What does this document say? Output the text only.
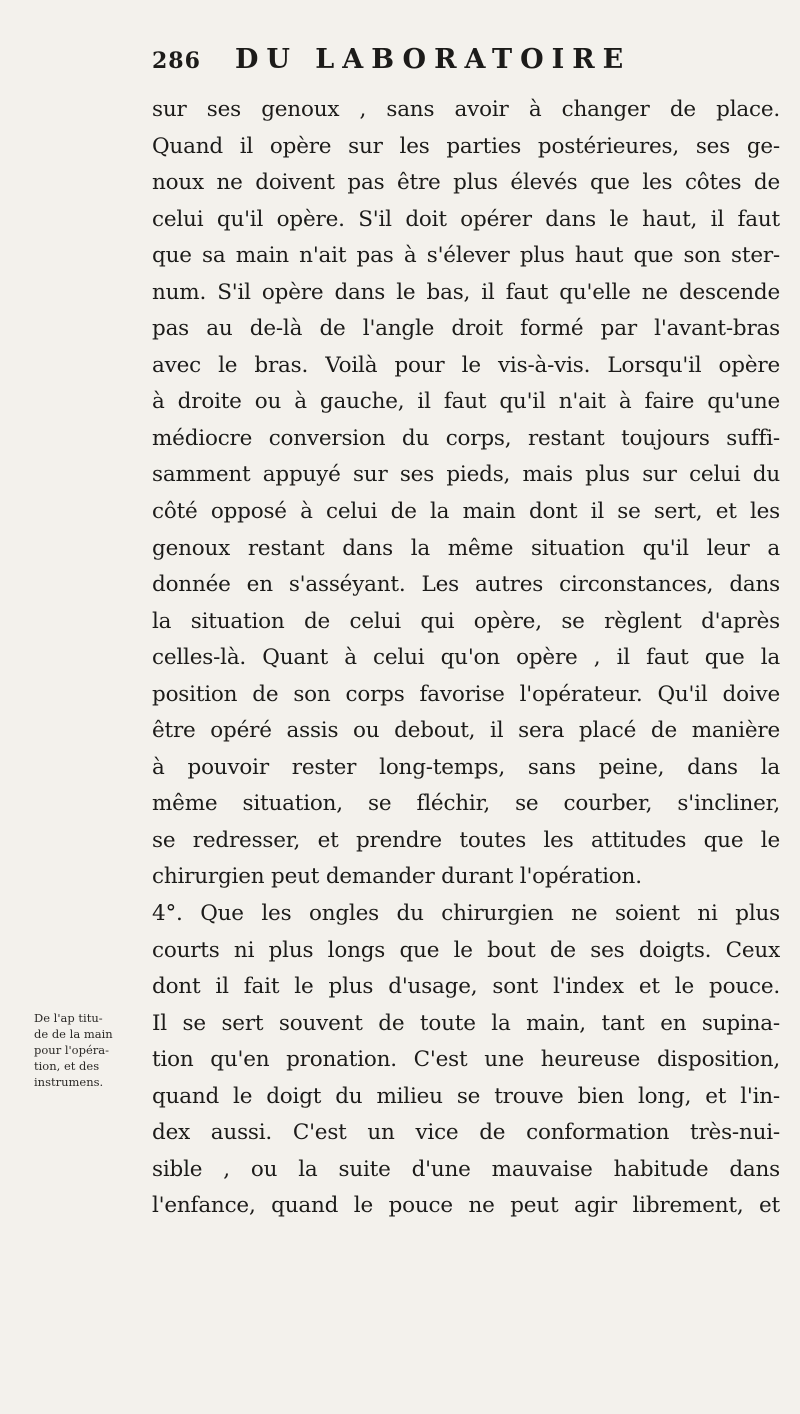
286 DU LABORATOIRE
De l'ap titu-
de de la main
pour l'opéra-
tion, et des
instrumens.
sur ses genoux , sans avoir à changer de place.
Quand il opère sur les parties postérieures, ses ge-
noux ne doivent pas être plus élevés que les côtes de
celui qu'il opère. S'il doit opérer dans le haut, il faut
que sa main n'ait pas à s'élever plus haut que son ster-
num. S'il opère dans le bas, il faut qu'elle ne descende
pas au de-là de l'angle droit formé par l'avant-bras
avec le bras. Voilà pour le vis-à-vis. Lorsqu'il opère
à droite ou à gauche, il faut qu'il n'ait à faire qu'une
médiocre conversion du corps, restant toujours suffi-
samment appuyé sur ses pieds, mais plus sur celui du
côté opposé à celui de la main dont il se sert, et les
genoux restant dans la même situation qu'il leur a
donnée en s'asséyant. Les autres circonstances, dans
la situation de celui qui opère, se règlent d'après
celles-là. Quant à celui qu'on opère , il faut que la
position de son corps favorise l'opérateur. Qu'il doive
être opéré assis ou debout, il sera placé de manière
à pouvoir rester long-temps, sans peine, dans la
même situation, se fléchir, se courber, s'incliner,
se redresser, et prendre toutes les attitudes que le
chirurgien peut demander durant l'opération.
4°. Que les ongles du chirurgien ne soient ni plus
courts ni plus longs que le bout de ses doigts. Ceux
dont il fait le plus d'usage, sont l'index et le pouce.
Il se sert souvent de toute la main, tant en supina-
tion qu'en pronation. C'est une heureuse disposition,
quand le doigt du milieu se trouve bien long, et l'in-
dex aussi. C'est un vice de conformation très-nui-
sible , ou la suite d'une mauvaise habitude dans
l'enfance, quand le pouce ne peut agir librement, et
